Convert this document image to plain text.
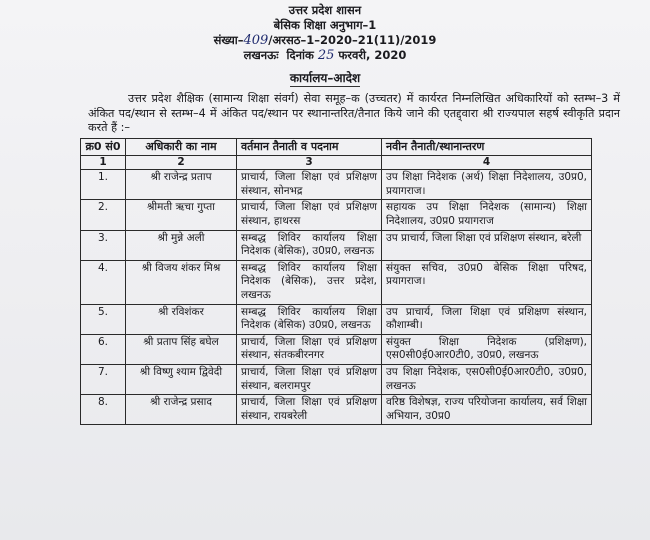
उत्तर प्रदेश शासन
बेसिक शिक्षा अनुभाग–1
संख्या–409/अरसठ–1–2020–21(11)/2019
लखनऊः दिनांक 25 फरवरी, 2020
कार्यालय–आदेश
उत्तर प्रदेश शैक्षिक (सामान्य शिक्षा संवर्ग) सेवा समूह–क (उच्चतर) में कार्यरत निम्नलिखित अधिकारियों को स्तम्भ–3 में अंकित पद/स्थान से स्तम्भ–4 में अंकित पद/स्थान पर स्थानान्तरित/तैनात किये जाने की एतद्द्वारा श्री राज्यपाल सहर्ष स्वीकृति प्रदान करते हैं :–
क्र0 सं0	अधिकारी का नाम	वर्तमान तैनाती व पदनाम	नवीन तैनाती/स्थानान्तरण
1	2	3	4
1.	श्री राजेन्द्र प्रताप	प्राचार्य, जिला शिक्षा एवं प्रशिक्षण संस्थान, सोनभद्र	उप शिक्षा निदेशक (अर्थ) शिक्षा निदेशालय, उ0प्र0, प्रयागराज।
2.	श्रीमती ऋचा गुप्ता	प्राचार्य, जिला शिक्षा एवं प्रशिक्षण संस्थान, हाथरस	सहायक उप शिक्षा निदेशक (सामान्य) शिक्षा निदेशालय, उ0प्र0 प्रयागराज
3.	श्री मुन्ने अली	सम्बद्ध शिविर कार्यालय शिक्षा निदेशक (बेसिक), उ0प्र0, लखनऊ	उप प्राचार्य, जिला शिक्षा एवं प्रशिक्षण संस्थान, बरेली
4.	श्री विजय शंकर मिश्र	सम्बद्ध शिविर कार्यालय शिक्षा निदेशक (बेसिक), उत्तर प्रदेश, लखनऊ	संयुक्त सचिव, उ0प्र0 बेसिक शिक्षा परिषद, प्रयागराज।
5.	श्री रविशंकर	सम्बद्ध शिविर कार्यालय शिक्षा निदेशक (बेसिक) उ0प्र0, लखनऊ	उप प्राचार्य, जिला शिक्षा एवं प्रशिक्षण संस्थान, कौशाम्बी।
6.	श्री प्रताप सिंह बघेल	प्राचार्य, जिला शिक्षा एवं प्रशिक्षण संस्थान, संतकबीरनगर	संयुक्त शिक्षा निदेशक (प्रशिक्षण), एस0सी0ई0आर0टी0, उ0प्र0, लखनऊ
7.	श्री विष्णु श्याम द्विवेदी	प्राचार्य, जिला शिक्षा एवं प्रशिक्षण संस्थान, बलरामपुर	उप शिक्षा निदेशक, एस0सी0ई0आर0टी0, उ0प्र0, लखनऊ
8.	श्री राजेन्द्र प्रसाद	प्राचार्य, जिला शिक्षा एवं प्रशिक्षण संस्थान, रायबरेली	वरिष्ठ विशेषज्ञ, राज्य परियोजना कार्यालय, सर्व शिक्षा अभियान, उ0प्र0
